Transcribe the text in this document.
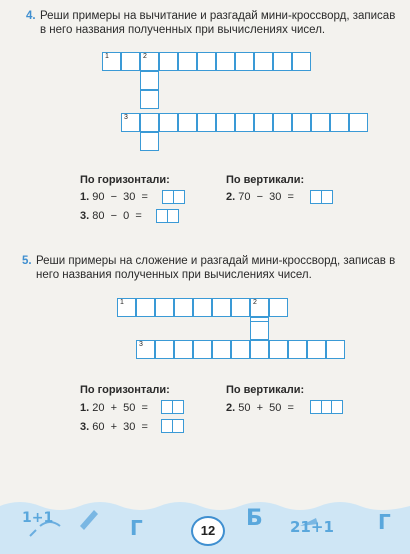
4. Реши примеры на вычитание и разгадай мини-кроссворд, записав
в него названия полученных при вычислениях чисел.
1	2
3
По горизонтали:	По вертикали:
1. 90  −  30  =
3. 80  −  0  =
2. 70  −  30  =
5. Реши примеры на сложение и разгадай мини-кроссворд, записав в
него названия полученных при вычислениях чисел.
1	2
3
По горизонтали:	По вертикали:
1. 20  +  50  =
3. 60  +  30  =
2. 50  +  50  =
1+1	Г	Б 21+1 Г
12
